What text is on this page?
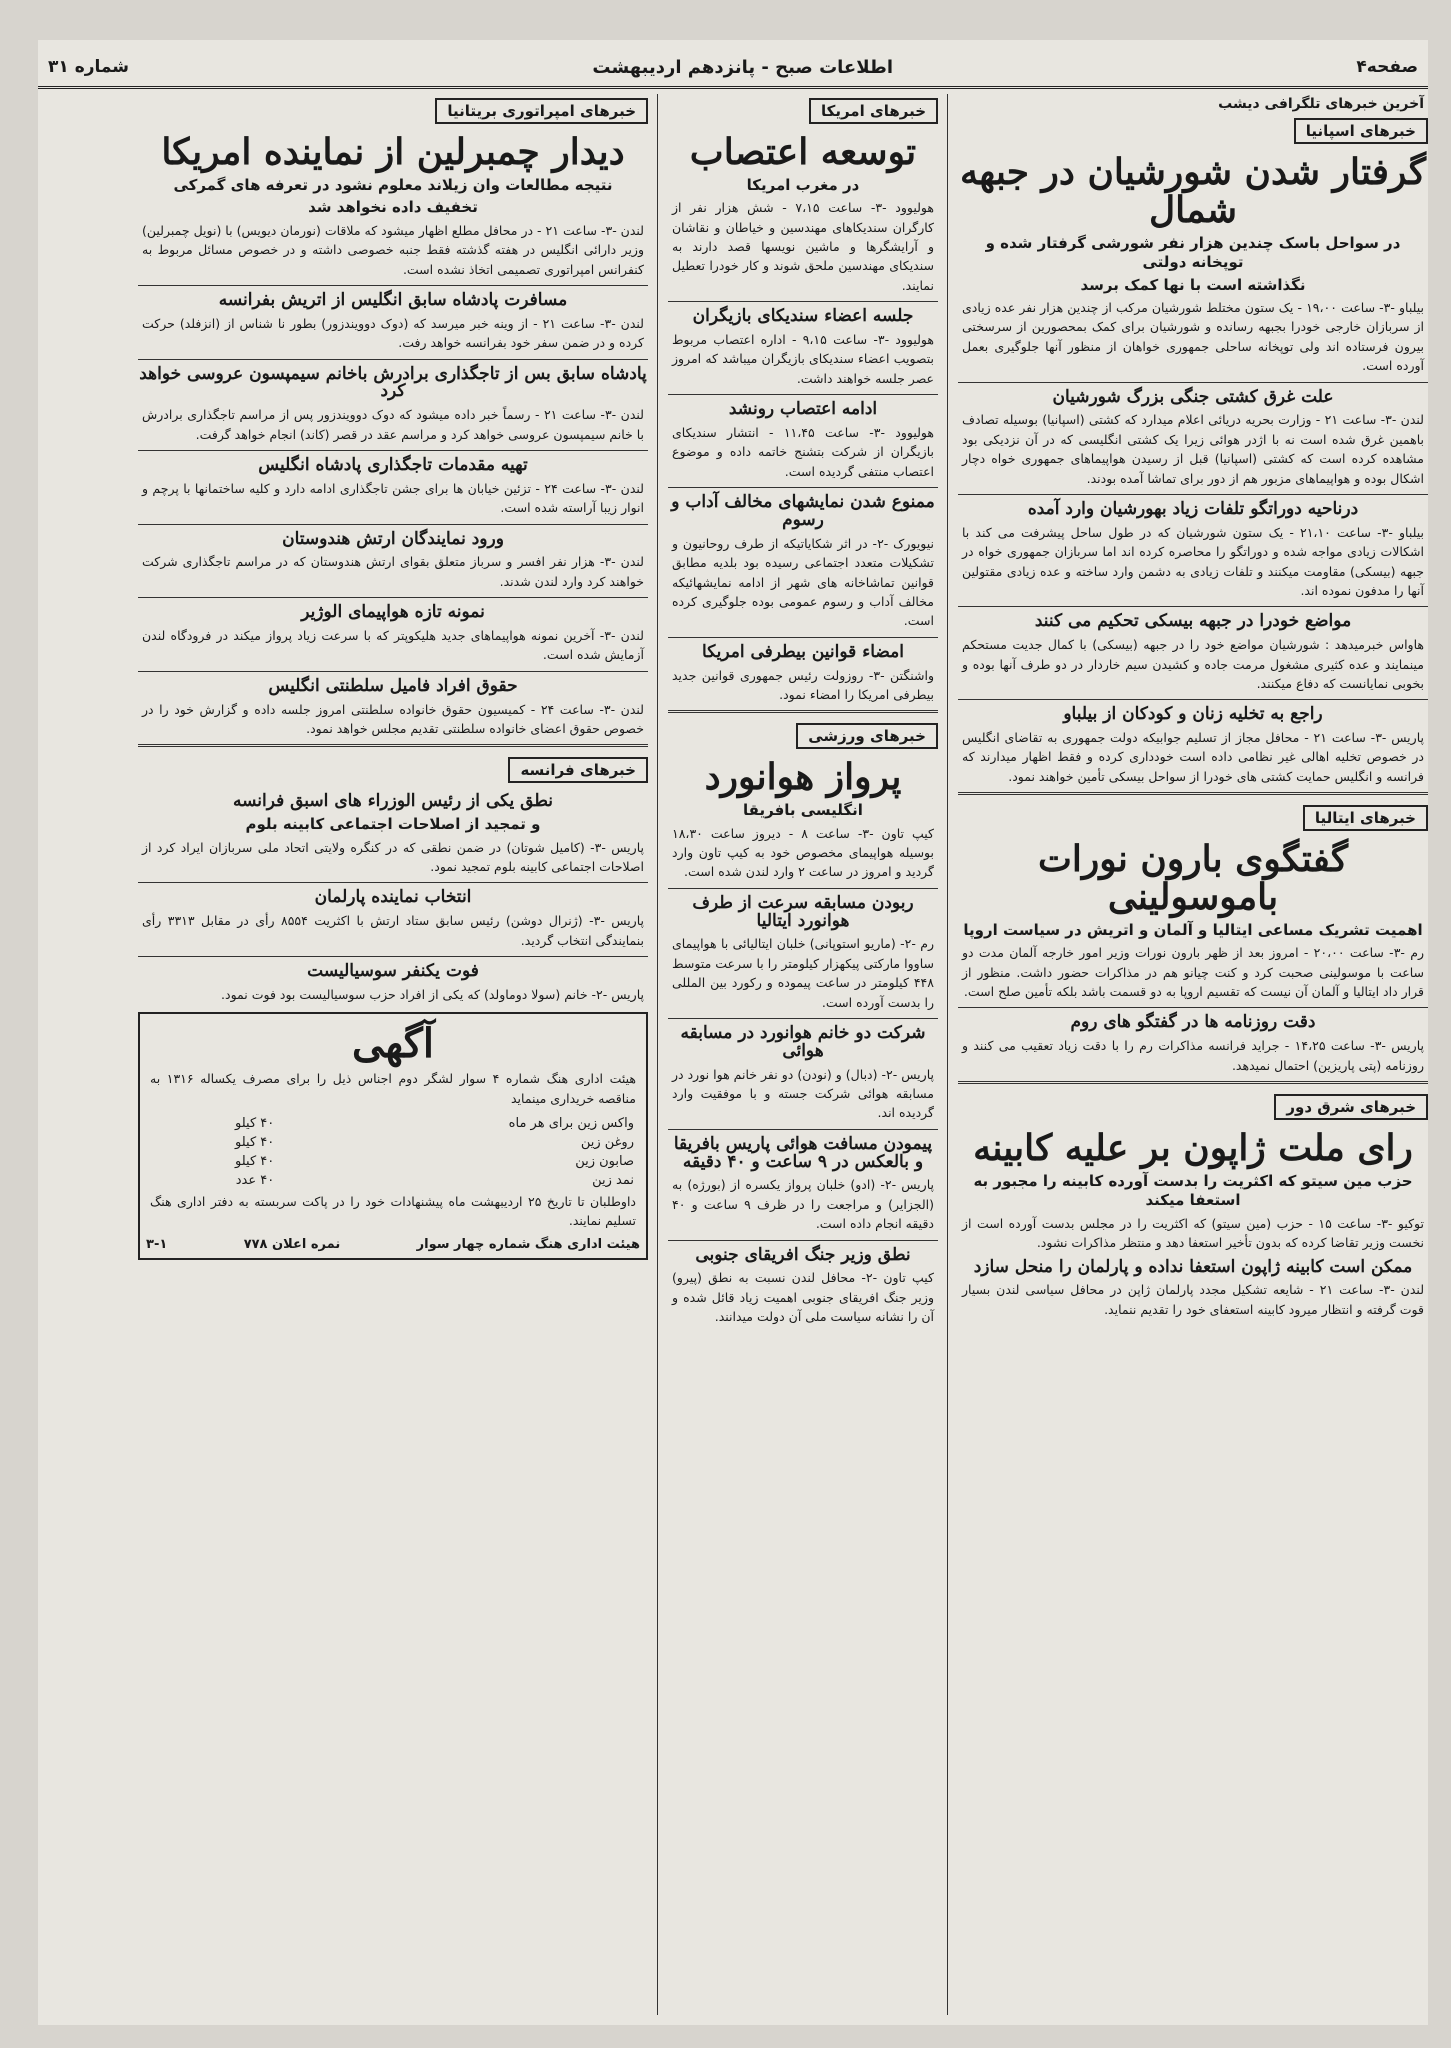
صفحه۴
اطلاعات صبح - پانزدهم اردیبهشت
شماره ۳۱
آخرین خبرهای تلگرافی دیشب
خبرهای اسپانیا
گرفتار شدن شورشیان در جبهه شمال
در سواحل باسک چندین هزار نفر شورشی گرفتار شده و توپخانه دولتی
نگذاشته است با نها کمک برسد
بیلباو -۳- ساعت ۱۹،۰۰ - یک ستون مختلط شورشیان مرکب از چندین هزار نفر عده زیادی از سربازان خارجی خودرا بجبهه رسانده و شورشیان برای کمک بمحصورین از سرسختی بیرون فرستاده اند ولی توپخانه ساحلی جمهوری خواهان از منظور آنها جلوگیری بعمل آورده است.
علت غرق کشتی جنگی بزرگ شورشیان
لندن -۳- ساعت ۲۱ - وزارت بحریه دریائی اعلام میدارد که کشتی (اسپانیا) بوسیله تصادف باهمین غرق شده است نه با اژدر هوائی زیرا یک کشتی انگلیسی که در آن نزدیکی بود مشاهده کرده است که کشتی (اسپانیا) قبل از رسیدن هواپیماهای جمهوری خواه دچار اشکال بوده و هواپیماهای مزبور هم از دور برای تماشا آمده بودند.
درناحیه دوراتگو تلفات زیاد بهورشیان وارد آمده
بیلباو -۳- ساعت ۲۱،۱۰ - یک ستون شورشیان که در طول ساحل پیشرفت می کند با اشکالات زیادی مواجه شده و دوراتگو را محاصره کرده اند اما سربازان جمهوری خواه در جبهه (بیسکی) مقاومت میکنند و تلفات زیادی به دشمن وارد ساخته و عده زیادی مقتولین آنها را مدفون نموده اند.
مواضع خودرا در جبهه بیسکی تحکیم می کنند
هاواس خبرمیدهد : شورشیان مواضع خود را در جبهه (بیسکی) با کمال جدیت مستحکم مینمایند و عده کثیری مشغول مرمت جاده و کشیدن سیم خاردار در دو طرف آنها بوده و بخوبی نمایانست که دفاع میکنند.
راجع به تخلیه زنان و کودکان از بیلباو
پاریس -۳- ساعت ۲۱ - محافل مجاز از تسلیم جوابیکه دولت جمهوری به تقاضای انگلیس در خصوص تخلیه اهالی غیر نظامی داده است خودداری کرده و فقط اظهار میدارند که فرانسه و انگلیس حمایت کشتی های خودرا از سواحل بیسکی تأمین خواهند نمود.
خبرهای ایتالیا
گفتگوی بارون نورات باموسولینی
اهمیت تشریک مساعی ایتالیا و آلمان و اتریش در سیاست اروپا
رم -۳- ساعت ۲۰،۰۰ - امروز بعد از ظهر بارون نورات وزیر امور خارجه آلمان مدت دو ساعت با موسولینی صحبت کرد و کنت چیانو هم در مذاکرات حضور داشت. منظور از قرار داد ایتالیا و آلمان آن نیست که تقسیم اروپا به دو قسمت باشد بلکه تأمین صلح است.
دقت روزنامه ها در گفتگو های روم
پاریس -۳- ساعت ۱۴،۲۵ - جراید فرانسه مذاکرات رم را با دقت زیاد تعقیب می کنند و روزنامه (پتی پاریزین) احتمال نمیدهد.
خبرهای شرق دور
رای ملت ژاپون بر علیه کابینه
حزب مین سیتو که اکثریت را بدست آورده کابینه را مجبور به استعفا میکند
توکیو -۳- ساعت ۱۵ - حزب (مین سیتو) که اکثریت را در مجلس بدست آورده است از نخست وزیر تقاضا کرده که بدون تأخیر استعفا دهد و منتظر مذاکرات نشود.
ممکن است کابینه ژاپون استعفا نداده و پارلمان را منحل سازد
لندن -۳- ساعت ۲۱ - شایعه تشکیل مجدد پارلمان ژاپن در محافل سیاسی لندن بسیار قوت گرفته و انتظار میرود کابینه استعفای خود را تقدیم ننماید.
خبرهای امریکا
توسعه اعتصاب
در مغرب امریکا
هولیوود -۳- ساعت ۷،۱۵ - شش هزار نفر از کارگران سندیکاهای مهندسین و خیاطان و نقاشان و آرایشگرها و ماشین نویسها قصد دارند به سندیکای مهندسین ملحق شوند و کار خودرا تعطیل نمایند.
جلسه اعضاء سندیکای بازیگران
هولیوود -۳- ساعت ۹،۱۵ - اداره اعتصاب مربوط بتصویب اعضاء سندیکای بازیگران میباشد که امروز عصر جلسه خواهند داشت.
ادامه اعتصاب رونشد
هولیوود -۳- ساعت ۱۱،۴۵ - انتشار سندیکای بازیگران از شرکت بتشنج خاتمه داده و موضوع اعتصاب منتفی گردیده است.
ممنوع شدن نمایشهای مخالف آداب و رسوم
نیویورک -۲- در اثر شکایاتیکه از طرف روحانیون و تشکیلات متعدد اجتماعی رسیده بود بلدیه مطابق قوانین تماشاخانه های شهر از ادامه نمایشهائیکه مخالف آداب و رسوم عمومی بوده جلوگیری کرده است.
امضاء قوانین بیطرفی امریکا
واشنگتن -۳- روزولت رئیس جمهوری قوانین جدید بیطرفی امریکا را امضاء نمود.
خبرهای ورزشی
پرواز هوانورد
انگلیسی بافریقا
کیپ تاون -۳- ساعت ۸ - دیروز ساعت ۱۸،۳۰ بوسیله هواپیمای مخصوص خود به کیپ تاون وارد گردید و امروز در ساعت ۲ وارد لندن شده است.
ربودن مسابقه سرعت از طرف هوانورد ایتالیا
رم -۲- (ماریو استوپانی) خلبان ایتالیائی با هواپیمای ساووا مارکتی پیکهزار کیلومتر را با سرعت متوسط ۴۴۸ کیلومتر در ساعت پیموده و رکورد بین المللی را بدست آورده است.
شرکت دو خانم هوانورد در مسابقه هوائی
پاریس -۲- (دبال) و (نودن) دو نفر خانم هوا نورد در مسابقه هوائی شرکت جسته و با موفقیت وارد گردیده اند.
پیمودن مسافت هوائی پاریس بافریقا و بالعکس در ۹ ساعت و ۴۰ دقیقه
پاریس -۲- (ادو) خلبان پرواز یکسره از (بورژه) به (الجزایر) و مراجعت را در ظرف ۹ ساعت و ۴۰ دقیقه انجام داده است.
نطق وزیر جنگ افریقای جنوبی
کیپ تاون -۲- محافل لندن نسبت به نطق (پیرو) وزیر جنگ افریقای جنوبی اهمیت زیاد قائل شده و آن را نشانه سیاست ملی آن دولت میدانند.
خبرهای امپراتوری بریتانیا
دیدار چمبرلین از نماینده امریکا
نتیجه مطالعات وان زیلاند معلوم نشود در تعرفه های گمرکی
تخفیف داده نخواهد شد
لندن -۳- ساعت ۲۱ - در محافل مطلع اظهار میشود که ملاقات (نورمان دیویس) با (نویل چمبرلین) وزیر دارائی انگلیس در هفته گذشته فقط جنبه خصوصی داشته و در خصوص مسائل مربوط به کنفرانس امپراتوری تصمیمی اتخاذ نشده است.
مسافرت پادشاه سابق انگلیس از اتریش بفرانسه
لندن -۳- ساعت ۲۱ - از وینه خبر میرسد که (دوک دوویندزور) بطور نا شناس از (انزفلد) حرکت کرده و در ضمن سفر خود بفرانسه خواهد رفت.
پادشاه سابق بس از تاجگذاری برادرش باخانم سیمپسون عروسی خواهد کرد
لندن -۳- ساعت ۲۱ - رسماً خبر داده میشود که دوک دوویندزور پس از مراسم تاجگذاری برادرش با خانم سیمپسون عروسی خواهد کرد و مراسم عقد در قصر (کاند) انجام خواهد گرفت.
تهیه مقدمات تاجگذاری پادشاه انگلیس
لندن -۳- ساعت ۲۴ - تزئین خیابان ها برای جشن تاجگذاری ادامه دارد و کلیه ساختمانها با پرچم و انوار زیبا آراسته شده است.
ورود نمایندگان ارتش هندوستان
لندن -۳- هزار نفر افسر و سرباز متعلق بقوای ارتش هندوستان که در مراسم تاجگذاری شرکت خواهند کرد وارد لندن شدند.
نمونه تازه هواپیمای الوژیر
لندن -۳- آخرین نمونه هواپیماهای جدید هلیکوپتر که با سرعت زیاد پرواز میکند در فرودگاه لندن آزمایش شده است.
حقوق افراد فامیل سلطنتی انگلیس
لندن -۳- ساعت ۲۴ - کمیسیون حقوق خانواده سلطنتی امروز جلسه داده و گزارش خود را در خصوص حقوق اعضای خانواده سلطنتی تقدیم مجلس خواهد نمود.
خبرهای فرانسه
نطق یکی از رئیس الوزراء های اسبق فرانسه
و تمجید از اصلاحات اجتماعی کابینه بلوم
پاریس -۳- (کامیل شوتان) در ضمن نطقی که در کنگره ولایتی اتحاد ملی سربازان ایراد کرد از اصلاحات اجتماعی کابینه بلوم تمجید نمود.
انتخاب نماینده پارلمان
پاریس -۳- (ژنرال دوشن) رئیس سابق ستاد ارتش با اکثریت ۸۵۵۴ رأی در مقابل ۳۳۱۳ رأی بنمایندگی انتخاب گردید.
فوت یکنفر سوسیالیست
پاریس -۲- خانم (سولا دوماولد) که یکی از افراد حزب سوسیالیست بود فوت نمود.
آگهی
هیئت اداری هنگ شماره ۴ سوار لشگر دوم اجناس ذیل را برای مصرف یکساله ۱۳۱۶ به مناقصه خریداری مینماید
واکس زین برای هر ماه	۴۰ کیلو
روغن زین	۴۰ کیلو
صابون زین	۴۰ کیلو
نمد زین	۴۰ عدد
داوطلبان تا تاریخ ۲۵ اردیبهشت ماه پیشنهادات خود را در پاکت سربسته به دفتر اداری هنگ تسلیم نمایند.
هیئت اداری هنگ شماره چهار سوار
نمره اعلان ۷۷۸
۳-۱
